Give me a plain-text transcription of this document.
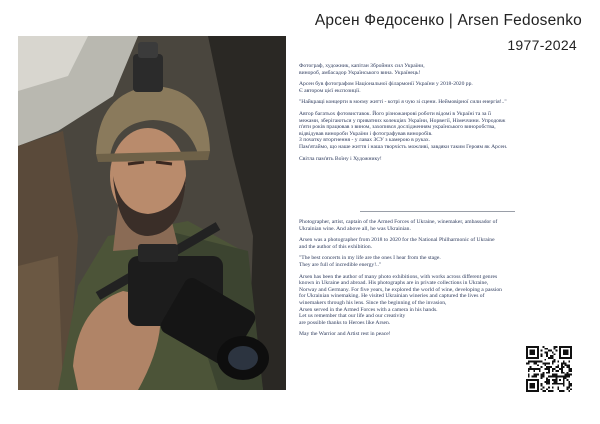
Арсен Федосенко | Arsen Fedosenko
1977-2024

Фотограф, художник, капітан Збройних сил України,
винороб, амбасадор Українського вина. Українець!

Арсен був фотографом Національної філармонії України у 2018-2020 рр.
Є автором цієї експозиції.

"Найкращі концерти в моєму житті - котрі я чую зі сцени. Неймовірної сили енергія!.."

Автор багатьох фотовиставок. Його різножанрові роботи відомі в Україні та за її
межами, зберігаються у приватних колекціях України, Норвегії, Німеччини. Упродовж
п'яти років працював з вином, захопився дослідженням українського виноробства,
відвідував винороби України і фотографував виноробів.
З початку вторгнення - у лавах ЗСУ з камерою в руках.
Пам'ятаймо, що наше життя і наша творчість можливі, завдяки таким Героям як Арсен.

Світла пам'ять Воїну і Художнику!

Photographer, artist, captain of the Armed Forces of Ukraine, winemaker, ambassador of
Ukrainian wine. And above all, he was Ukrainian.

Arsen was a photographer from 2018 to 2020 for the National Philharmonic of Ukraine
and the author of this exhibition.

"The best concerts in my life are the ones I hear from the stage.
They are full of incredible energy!.."

Arsen has been the author of many photo exhibitions, with works across different genres
known in Ukraine and abroad. His photographs are in private collections in Ukraine,
Norway and Germany. For five years, he explored the world of wine, developing a passion
for Ukrainian winemaking. He visited Ukrainian wineries and captured the lives of
winemakers through his lens. Since the beginning of the invasion,
Arsen served in the Armed Forces with a camera in his hands.
Let us remember that our life and our creativity
are possible thanks to Heroes like Arsen.

May the Warrior and Artist rest in peace!
